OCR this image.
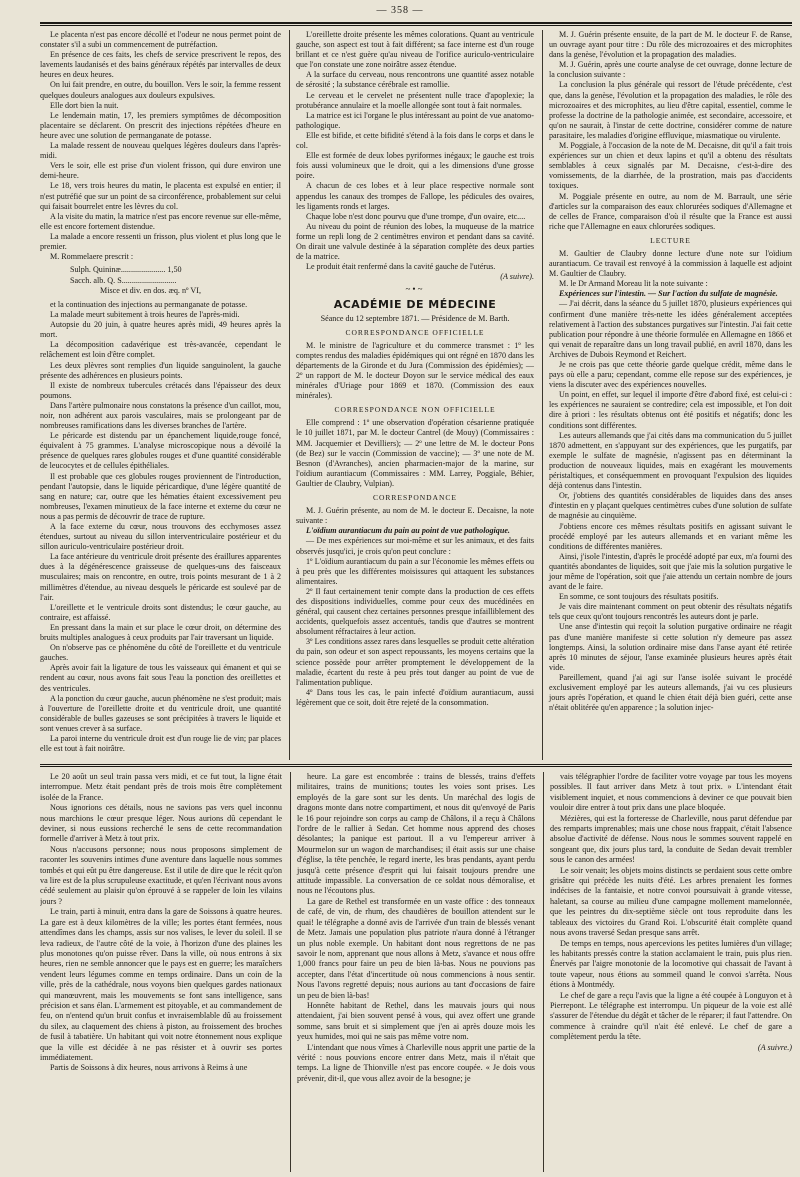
— 358 —

Le placenta n'est pas encore décollé et l'odeur ne nous permet point de constater s'il a subi un commencement de putréfaction.

En présence de ces faits, les chefs de service prescrivent le repos, des lavements laudanisés et des bains généraux répétés par intervalles de deux heures en deux heures.

On lui fait prendre, en outre, du bouillon. Vers le soir, la femme ressent quelques douleurs analogues aux douleurs expulsives.

Elle dort bien la nuit.

Le lendemain matin, 17, les premiers symptômes de décomposition placentaire se déclarent. On prescrit des injections répétées d'heure en heure avec une solution de permanganate de potasse.

La malade ressent de nouveau quelques légères douleurs dans l'après-midi.

Vers le soir, elle est prise d'un violent frisson, qui dure environ une demi-heure.

Le 18, vers trois heures du matin, le placenta est expulsé en entier; il n'est putréfié que sur un point de sa circonférence, probablement sur celui qui faisait bourrelet entre les lèvres du col.

A la visite du matin, la matrice n'est pas encore revenue sur elle-même, elle est encore fortement distendue.

La malade a encore ressenti un frisson, plus violent et plus long que le premier.

M. Rommelaere prescrit :

Sulph. Quininæ...................... 1,50
Sacch. alb. Q. S...........................
Misce et div. en dos. æq. nº VI,

et la continuation des injections au permanganate de potasse.

La malade meurt subitement à trois heures de l'après-midi.

Autopsie du 20 juin, à quatre heures après midi, 49 heures après la mort.

La décomposition cadavérique est très-avancée, cependant le relâchement est loin d'être complet.

Les deux plèvres sont remplies d'un liquide sanguinolent, la gauche présente des adhérences en plusieurs points.

Il existe de nombreux tubercules crétacés dans l'épaisseur des deux poumons.

Dans l'artère pulmonaire nous constatons la présence d'un caillot, mou, noir, non adhérent aux parois vasculaires, mais se prolongeant par de nombreuses ramifications dans les diverses branches de l'artère.

Le péricarde est distendu par un épanchement liquide,rouge foncé, équivalent à 75 grammes. L'analyse microscopique nous a dévoilé la présence de quelques rares globules rouges et d'une quantité considérable de leucocytes et de cellules épithéliales.

Il est probable que ces globules rouges proviennent de l'introduction, pendant l'autopsie, dans le liquide péricardique, d'une légère quantité de sang en nature; car, outre que les hématies étaient excessivement peu nombreuses, l'examen minutieux de la face interne et externe du cœur ne nous a pas permis de découvrir de trace de rupture.

A la face externe du cœur, nous trouvons des ecchymoses assez étendues, surtout au niveau du sillon interventriculaire postérieur et du sillon auriculo-ventriculaire postérieur droit.

La face antérieure du ventricule droit présente des éraillures apparentes dues à la dégénérescence graisseuse de quelques-uns des faisceaux musculaires; mais on rencontre, en outre, trois points mesurant de 1 à 2 millimètres d'étendue, au niveau desquels le péricarde est soulevé par de l'air.

L'oreillette et le ventricule droits sont distendus; le cœur gauche, au contraire, est affaissé.

En pressant dans la main et sur place le cœur droit, on détermine des bruits multiples analogues à ceux produits par l'air traversant un liquide.

On n'observe pas ce phénomène du côté de l'oreillette et du ventricule gauches.

Après avoir fait la ligature de tous les vaisseaux qui émanent et qui se rendent au cœur, nous avons fait sous l'eau la ponction des oreillettes et des ventricules.

A la ponction du cœur gauche, aucun phénomène ne s'est produit; mais à l'ouverture de l'oreillette droite et du ventricule droit, une quantité considérable de bulles gazeuses se sont précipitées à travers le liquide et sont venues crever à sa surface.

La paroi interne du ventricule droit est d'un rouge lie de vin; par places elle est tout à fait noirâtre.

L'oreillette droite présente les mêmes colorations. Quant au ventricule gauche, son aspect est tout à fait différent; sa face interne est d'un rouge brillant et ce n'est guère qu'au niveau de l'orifice auriculo-ventriculaire que l'on constate une zone noirâtre assez étendue.

A la surface du cerveau, nous rencontrons une quantité assez notable de sérosité ; la substance cérébrale est ramollie.

Le cerveau et le cervelet ne présentent nulle trace d'apoplexie; la protubérance annulaire et la moelle allongée sont tout à fait normales.

La matrice est ici l'organe le plus intéressant au point de vue anatomo-pathologique.

Elle est bifide, et cette bifidité s'étend à la fois dans le corps et dans le col.

Elle est formée de deux lobes pyriformes inégaux; le gauche est trois fois aussi volumineux que le droit, qui a les dimensions d'une grosse poire.

A chacun de ces lobes et à leur place respective normale sont appendus les canaux des trompes de Fallope, les pédicules des ovaires, les ligaments ronds et larges.

Chaque lobe n'est donc pourvu que d'une trompe, d'un ovaire, etc....

Au niveau du point de réunion des lobes, la muqueuse de la matrice forme un repli long de 2 centimètres environ et pendant dans sa cavité. On dirait une valvule destinée à la séparation complète des deux parties de la matrice.

Le produit était renfermé dans la cavité gauche de l'utérus.

(A suivre).

~•~
ACADÉMIE DE MÉDECINE

Séance du 12 septembre 1871. — Présidence de M. Barth.

CORRESPONDANCE OFFICIELLE

M. le ministre de l'agriculture et du commerce transmet : 1º les comptes rendus des maladies épidémiques qui ont régné en 1870 dans les départements de la Gironde et du Jura (Commission des épidémies); — 2º un rapport de M. le docteur Doyon sur le service médical des eaux minérales d'Uriage pour 1869 et 1870. (Commission des eaux minérales).

CORRESPONDANCE NON OFFICIELLE

Elle comprend : 1º une observation d'opération césarienne pratiquée le 10 juillet 1871, par M. le docteur Cantrel (de Mouy) (Commissaires : MM. Jacquemier et Devilliers); — 2º une lettre de M. le docteur Pons (de Bez) sur le vaccin (Commission de vaccine); — 3º une note de M. Besnon (d'Avranches), ancien pharmacien-major de la marine, sur l'oïdium aurantiacum (Commissaires : MM. Larrey, Poggiale, Béhier, Gaultier de Claubry, Vulpian).

CORRESPONDANCE

M. J. Guérin présente, au nom de M. le docteur E. Decaisne, la note suivante :

L'oïdium aurantiacum du pain au point de vue pathologique.

— De mes expériences sur moi-même et sur les animaux, et des faits observés jusqu'ici, je crois qu'on peut conclure :

1º L'oïdium aurantiacum du pain a sur l'économie les mêmes effets ou à peu près que les différentes moisissures qui attaquent les substances alimentaires.

2º Il faut certainement tenir compte dans la production de ces effets des dispositions individuelles, comme pour ceux des mucédinées en général, qui causent chez certaines personnes presque infailliblement des accidents, quelquefois assez accentués, tandis que d'autres se montrent absolument réfractaires à leur action.

3º Les conditions assez rares dans lesquelles se produit cette altération du pain, son odeur et son aspect repoussants, les moyens certains que la science possède pour arrêter promptement le développement de la maladie, écartent du reste à peu près tout danger au point de vue de l'alimentation publique.

4º Dans tous les cas, le pain infecté d'oïdium aurantiacum, aussi légèrement que ce soit, doit être rejeté de la consommation.

M. J. Guérin présente ensuite, de la part de M. le docteur F. de Ranse, un ouvrage ayant pour titre : Du rôle des microzoaires et des microphites dans la genèse, l'évolution et la propagation des maladies.

M. J. Guérin, après une courte analyse de cet ouvrage, donne lecture de la conclusion suivante :

La conclusion la plus générale qui ressort de l'étude précédente, c'est que, dans la genèse, l'évolution et la propagation des maladies, le rôle des microzoaires et des microphites, au lieu d'être capital, essentiel, comme le professe la doctrine de la pathologie animée, est secondaire, accessoire, et qu'on ne saurait, à l'instar de cette doctrine, considérer comme de nature parasitaire, les maladies d'origine effluvique, miasmatique ou virulente.

M. Poggiale, à l'occasion de la note de M. Decaisne, dit qu'il a fait trois expériences sur un chien et deux lapins et qu'il a obtenu des résultats semblables à ceux signalés par M. Decaisne, c'est-à-dire des vomissements, de la diarrhée, de la prostration, mais pas d'accidents toxiques.

M. Poggiale présente en outre, au nom de M. Barrault, une série d'articles sur la comparaison des eaux chlorurées sodiques d'Allemagne et de celles de France, comparaison d'où il résulte que la France est aussi riche que l'Allemagne en eaux chlorurées sodiques.

LECTURE

M. Gaultier de Claubry donne lecture d'une note sur l'oïdium aurantiacum. Ce travail est renvoyé à la commission à laquelle est adjoint M. Gaultier de Claubry.

M. le Dr Armand Moreau lit la note suivante :

Expériences sur l'intestin. — Sur l'action du sulfate de magnésie.

— J'ai décrit, dans la séance du 5 juillet 1870, plusieurs expériences qui confirment d'une manière très-nette les idées généralement acceptées relativement à l'action des substances purgatives sur l'intestin. J'ai fait cette publication pour répondre à une théorie formulée en Allemagne en 1866 et qui venait de reparaître dans un long travail publié, en avril 1870, dans les Archives de Dubois Reymond et Reichert.

Je ne crois pas que cette théorie garde quelque crédit, même dans le pays où elle a paru; cependant, comme elle repose sur des expériences, je viens la discuter avec des expériences nouvelles.

Un point, en effet, sur lequel il importe d'être d'abord fixé, est celui-ci : les expériences ne sauraient se contredire; cela est impossible, et l'on doit dire à priori : les résultats obtenus ont été positifs et négatifs; donc les conditions sont différentes.

Les auteurs allemands que j'ai cités dans ma communication du 5 juillet 1870 admettent, en s'appuyant sur des expériences, que les purgatifs, par exemple le sulfate de magnésie, n'agissent pas en déterminant la production de nouveaux liquides, mais en exagérant les mouvements péristaltiques, et conséquemment en provoquant l'expulsion des liquides déjà contenus dans l'intestin.

Or, j'obtiens des quantités considérables de liquides dans des anses d'intestin en y plaçant quelques centimètres cubes d'une solution de sulfate de magnésie au cinquième.

J'obtiens encore ces mêmes résultats positifs en agissant suivant le procédé employé par les auteurs allemands et en variant même les conditions de différentes manières.

Ainsi, j'isole l'intestin, d'après le procédé adopté par eux, m'a fourni des quantités abondantes de liquides, soit que j'aie mis la solution purgative le jour même de l'opération, soit que j'aie attendu un certain nombre de jours avant de le faire.

En somme, ce sont toujours des résultats positifs.

Je vais dire maintenant comment on peut obtenir des résultats négatifs tels que ceux qu'ont toujours rencontrés les auteurs dont je parle.

Une anse d'intestin qui reçoit la solution purgative ordinaire ne réagit pas d'une manière manifeste si cette solution n'y demeure pas assez longtemps. Ainsi, la solution ordinaire mise dans l'anse ayant été retirée après 10 minutes de séjour, l'anse examinée plusieurs heures après était vide.

Pareillement, quand j'ai agi sur l'anse isolée suivant le procédé exclusivement employé par les auteurs allemands, j'ai vu ces plusieurs jours après l'opération, et quand le chien était déjà bien guéri, cette anse n'était oblitérée qu'en apparence ; la solution injec-

Le 20 août un seul train passa vers midi, et ce fut tout, la ligne était interrompue. Metz était pendant près de trois mois être complètement isolée de la France.

Nous ignorions ces détails, nous ne savions pas vers quel inconnu nous marchions le cœur presque léger. Nous aurions dû cependant le deviner, si nous eussions recherché le sens de cette recommandation formelle d'arriver à Metz à tout prix.

Nous n'accusons personne; nous nous proposons simplement de raconter les souvenirs intimes d'une aventure dans laquelle nous sommes tombés et qui eût pu être dangereuse. Est il utile de dire que le récit qu'on va lire est de la plus scrupuleuse exactitude, et qu'en l'écrivant nous avons cédé seulement au plaisir qu'on éprouvé à se rappeler de loin les vilains jours ?

Le train, parti à minuit, entra dans la gare de Soissons à quatre heures. La gare est à deux kilomètres de la ville; les portes étant fermées, nous attendîmes dans les champs, assis sur nos valises, le lever du soleil. Il se leva radieux, de l'autre côté de la voie, à l'horizon d'une des plaines les plus monotones qu'on puisse rêver. Dans la ville, où nous entrons à six heures, rien ne semble annoncer que le pays est en guerre; les maraîchers vendent leurs légumes comme en temps ordinaire. Dans un coin de la ville, près de la cathédrale, nous voyons bien quelques gardes nationaux qui manœuvrent, mais les mouvements se font sans intelligence, sans précision et sans élan. L'armement est pitoyable, et au commandement de feu, on n'entend qu'un bruit confus et invraisemblable dû au froissement du silex, au claquement des chiens à piston, au froissement des broches de fusil à tabatière. Un habitant qui voit notre étonnement nous explique que la ville est décidée à ne pas résister et à ouvrir ses portes immédiatement.

Partis de Soissons à dix heures, nous arrivons à Reims à une

heure. La gare est encombrée : trains de blessés, trains d'effets militaires, trains de munitions; toutes les voies sont prises. Les employés de la gare sont sur les dents. Un maréchal des logis de dragons monte dans notre compartiment, et nous dit qu'envoyé de Paris le 16 pour rejoindre son corps au camp de Châlons, il a reçu à Châlons l'ordre de le rallier à Sedan. Cet homme nous apprend des choses désolantes; la panique est partout. Il a vu l'empereur arriver à Mourmelon sur un wagon de marchandises; il était assis sur une chaise d'église, la tête penchée, le regard inerte, les bras pendants, ayant perdu jusqu'à cette présence d'esprit qui lui faisait toujours prendre une attitude impassible. La conversation de ce soldat nous démoralise, et nous ne l'écoutons plus.

La gare de Rethel est transformée en un vaste office : des tonneaux de café, de vin, de rhum, des chaudières de bouillon attendent sur le quai! le télégraphe a donné avis de l'arrivée d'un train de blessés venant de Metz. Jamais une population plus patriote n'aura donné à l'étranger un plus noble exemple. Un habitant dont nous regrettons de ne pas savoir le nom, apprenant que nous allons à Metz, s'avance et nous offre 1,000 francs pour faire un peu de bien là-bas. Nous ne pouvions pas accepter, dans l'état d'incertitude où nous commencions à nous sentir. Nous l'avons regretté depuis; nous aurions au tant d'occasions de faire un peu de bien là-bas!

Honnête habitant de Rethel, dans les mauvais jours qui nous attendaient, j'ai bien souvent pensé à vous, qui avez offert une grande somme, sans bruit et si simplement que j'en ai après douze mois les yeux humides, moi qui ne sais pas même votre nom.

L'intendant que nous vîmes à Charleville nous apprit une partie de la vérité : nous pouvions encore entrer dans Metz, mais il n'était que temps. La ligne de Thionville n'est pas encore coupée. « Je dois vous prévenir, dit-il, que vous allez avoir de la besogne; je

vais télégraphier l'ordre de faciliter votre voyage par tous les moyens possibles. Il faut arriver dans Metz à tout prix. » L'intendant était visiblement inquiet, et nous commencions à deviner ce que pouvait bien vouloir dire entrer à tout prix dans une place bloquée.

Mézières, qui est la forteresse de Charleville, nous parut défendue par des remparts imprenables; mais une chose nous frappait, c'était l'absence absolue d'activité de défense. Nous nous le sommes souvent rappelé en songeant que, dix jours plus tard, la conduite de Sedan devait trembler sous le canon des armées!

Le soir venait; les objets moins distincts se perdaient sous cette ombre grisâtre qui précède les nuits d'été. Les arbres prenaient les formes indécises de la fantaisie, et notre convoi poursuivait à grande vitesse, haletant, sa course au milieu d'une campagne mollement mamelonnée, que les peintres du dix-septième siècle ont tous reproduite dans les tableaux des victoires du Grand Roi. L'obscurité était complète quand nous avons traversé Sedan presque sans arrêt.

De temps en temps, nous apercevions les petites lumières d'un village; les habitants pressés contre la station acclamaient le train, puis plus rien. Énervés par l'aigre monotonie de la locomotive qui chassait de l'avant à toute vapeur, nous étions au sommeil quand le convoi s'arrêta. Nous étions à Montmédy.

Le chef de gare a reçu l'avis que la ligne a été coupée à Longuyon et à Pierrepont. Le télégraphe est interrompu. Un piqueur de la voie est allé s'assurer de l'étendue du dégât et tâcher de le réparer; il faut l'attendre. On commence à craindre qu'il n'ait été enlevé. Le chef de gare a complètement perdu la tête.

(A suivre.)
